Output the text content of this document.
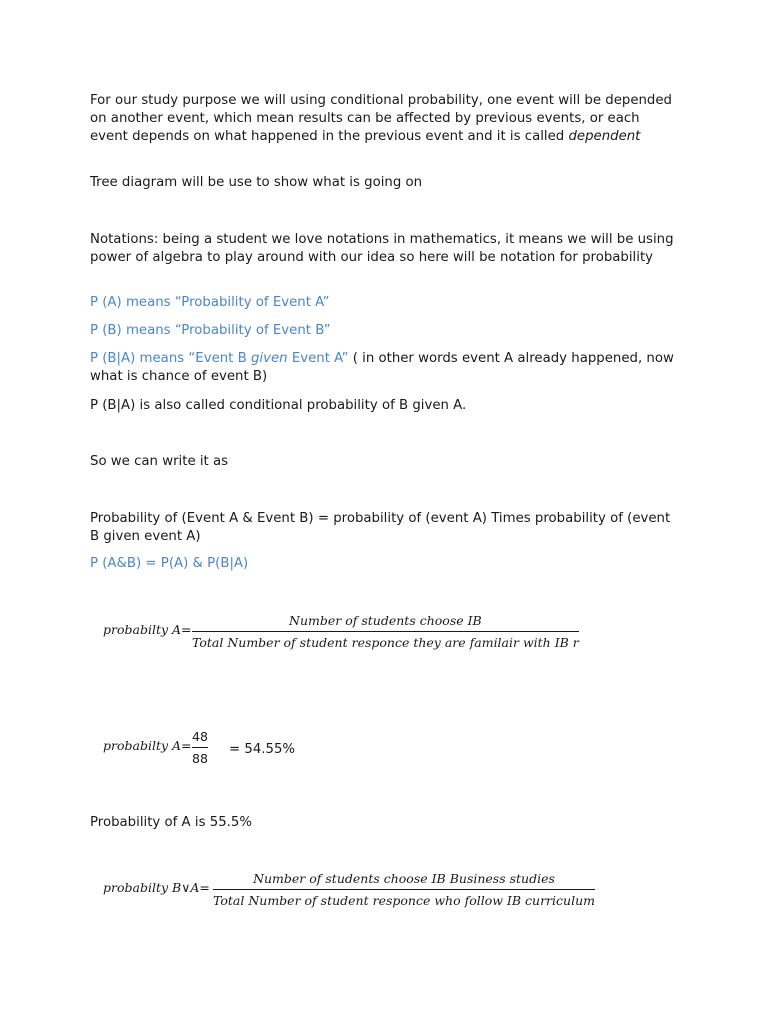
For our study purpose we will using conditional probability, one event will be depended on another event, which mean results can be affected by previous events, or each event depends on what happened in the previous event and it is called dependent

Tree diagram will be use to show what is going on

Notations: being a student we love notations in mathematics, it means we will be using power of algebra to play around with our idea so here will be notation for probability

P (A) means “Probability of Event A”

P (B) means “Probability of Event B”

P (B|A) means “Event B given Event A” ( in other words event A already happened, now what is chance of event B)

P (B|A) is also called conditional probability of B given A.

So we can write it as

Probability of (Event A & Event B) = probability of (event A) Times probability of (event B given event A)

P (A&B) = P(A) & P(B|A)

probabilty A=
Number of students choose IB
Total Number of student responce they are familair with IB r
probabilty $A= \frac{48}{88} = 54.55\%$

Probability of A is 55.5%

probabilty B∨A=
Number of students choose IB Business studies
Total Number of student responce who follow IB curriculum
